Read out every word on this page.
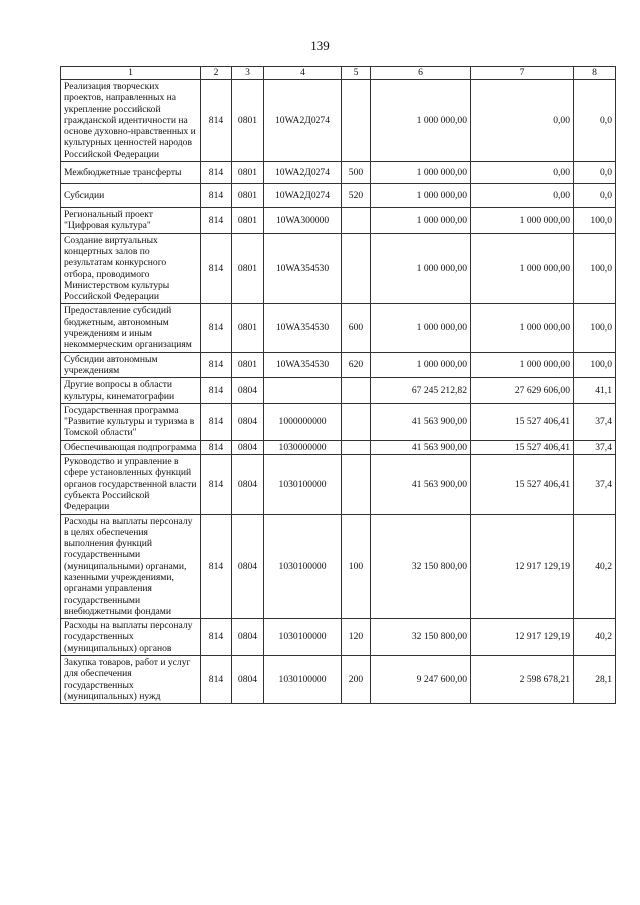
139
1	2	3	4	5	6	7	8
Реализация творческих проектов, направленных на укрепление российской гражданской идентичности на основе духовно-нравственных и культурных ценностей народов Российской Федерации	814	0801	10WA2Д0274		1 000 000,00	0,00	0,0
Межбюджетные трансферты	814	0801	10WA2Д0274	500	1 000 000,00	0,00	0,0
Субсидии	814	0801	10WA2Д0274	520	1 000 000,00	0,00	0,0
Региональный проект "Цифровая культура"	814	0801	10WA300000		1 000 000,00	1 000 000,00	100,0
Создание виртуальных концертных залов по результатам конкурсного отбора, проводимого Министерством культуры Российской Федерации	814	0801	10WA354530		1 000 000,00	1 000 000,00	100,0
Предоставление субсидий бюджетным, автономным учреждениям и иным некоммерческим организациям	814	0801	10WA354530	600	1 000 000,00	1 000 000,00	100,0
Субсидии автономным учреждениям	814	0801	10WA354530	620	1 000 000,00	1 000 000,00	100,0
Другие вопросы в области культуры, кинематографии	814	0804			67 245 212,82	27 629 606,00	41,1
Государственная программа "Развитие культуры и туризма в Томской области"	814	0804	1000000000		41 563 900,00	15 527 406,41	37,4
Обеспечивающая подпрограмма	814	0804	1030000000		41 563 900,00	15 527 406,41	37,4
Руководство и управление в сфере установленных функций органов государственной власти субъекта Российской Федерации	814	0804	1030100000		41 563 900,00	15 527 406,41	37,4
Расходы на выплаты персоналу в целях обеспечения выполнения функций государственными (муниципальными) органами, казенными учреждениями, органами управления государственными внебюджетными фондами	814	0804	1030100000	100	32 150 800,00	12 917 129,19	40,2
Расходы на выплаты персоналу государственных (муниципальных) органов	814	0804	1030100000	120	32 150 800,00	12 917 129,19	40,2
Закупка товаров, работ и услуг для обеспечения государственных (муниципальных) нужд	814	0804	1030100000	200	9 247 600,00	2 598 678,21	28,1
